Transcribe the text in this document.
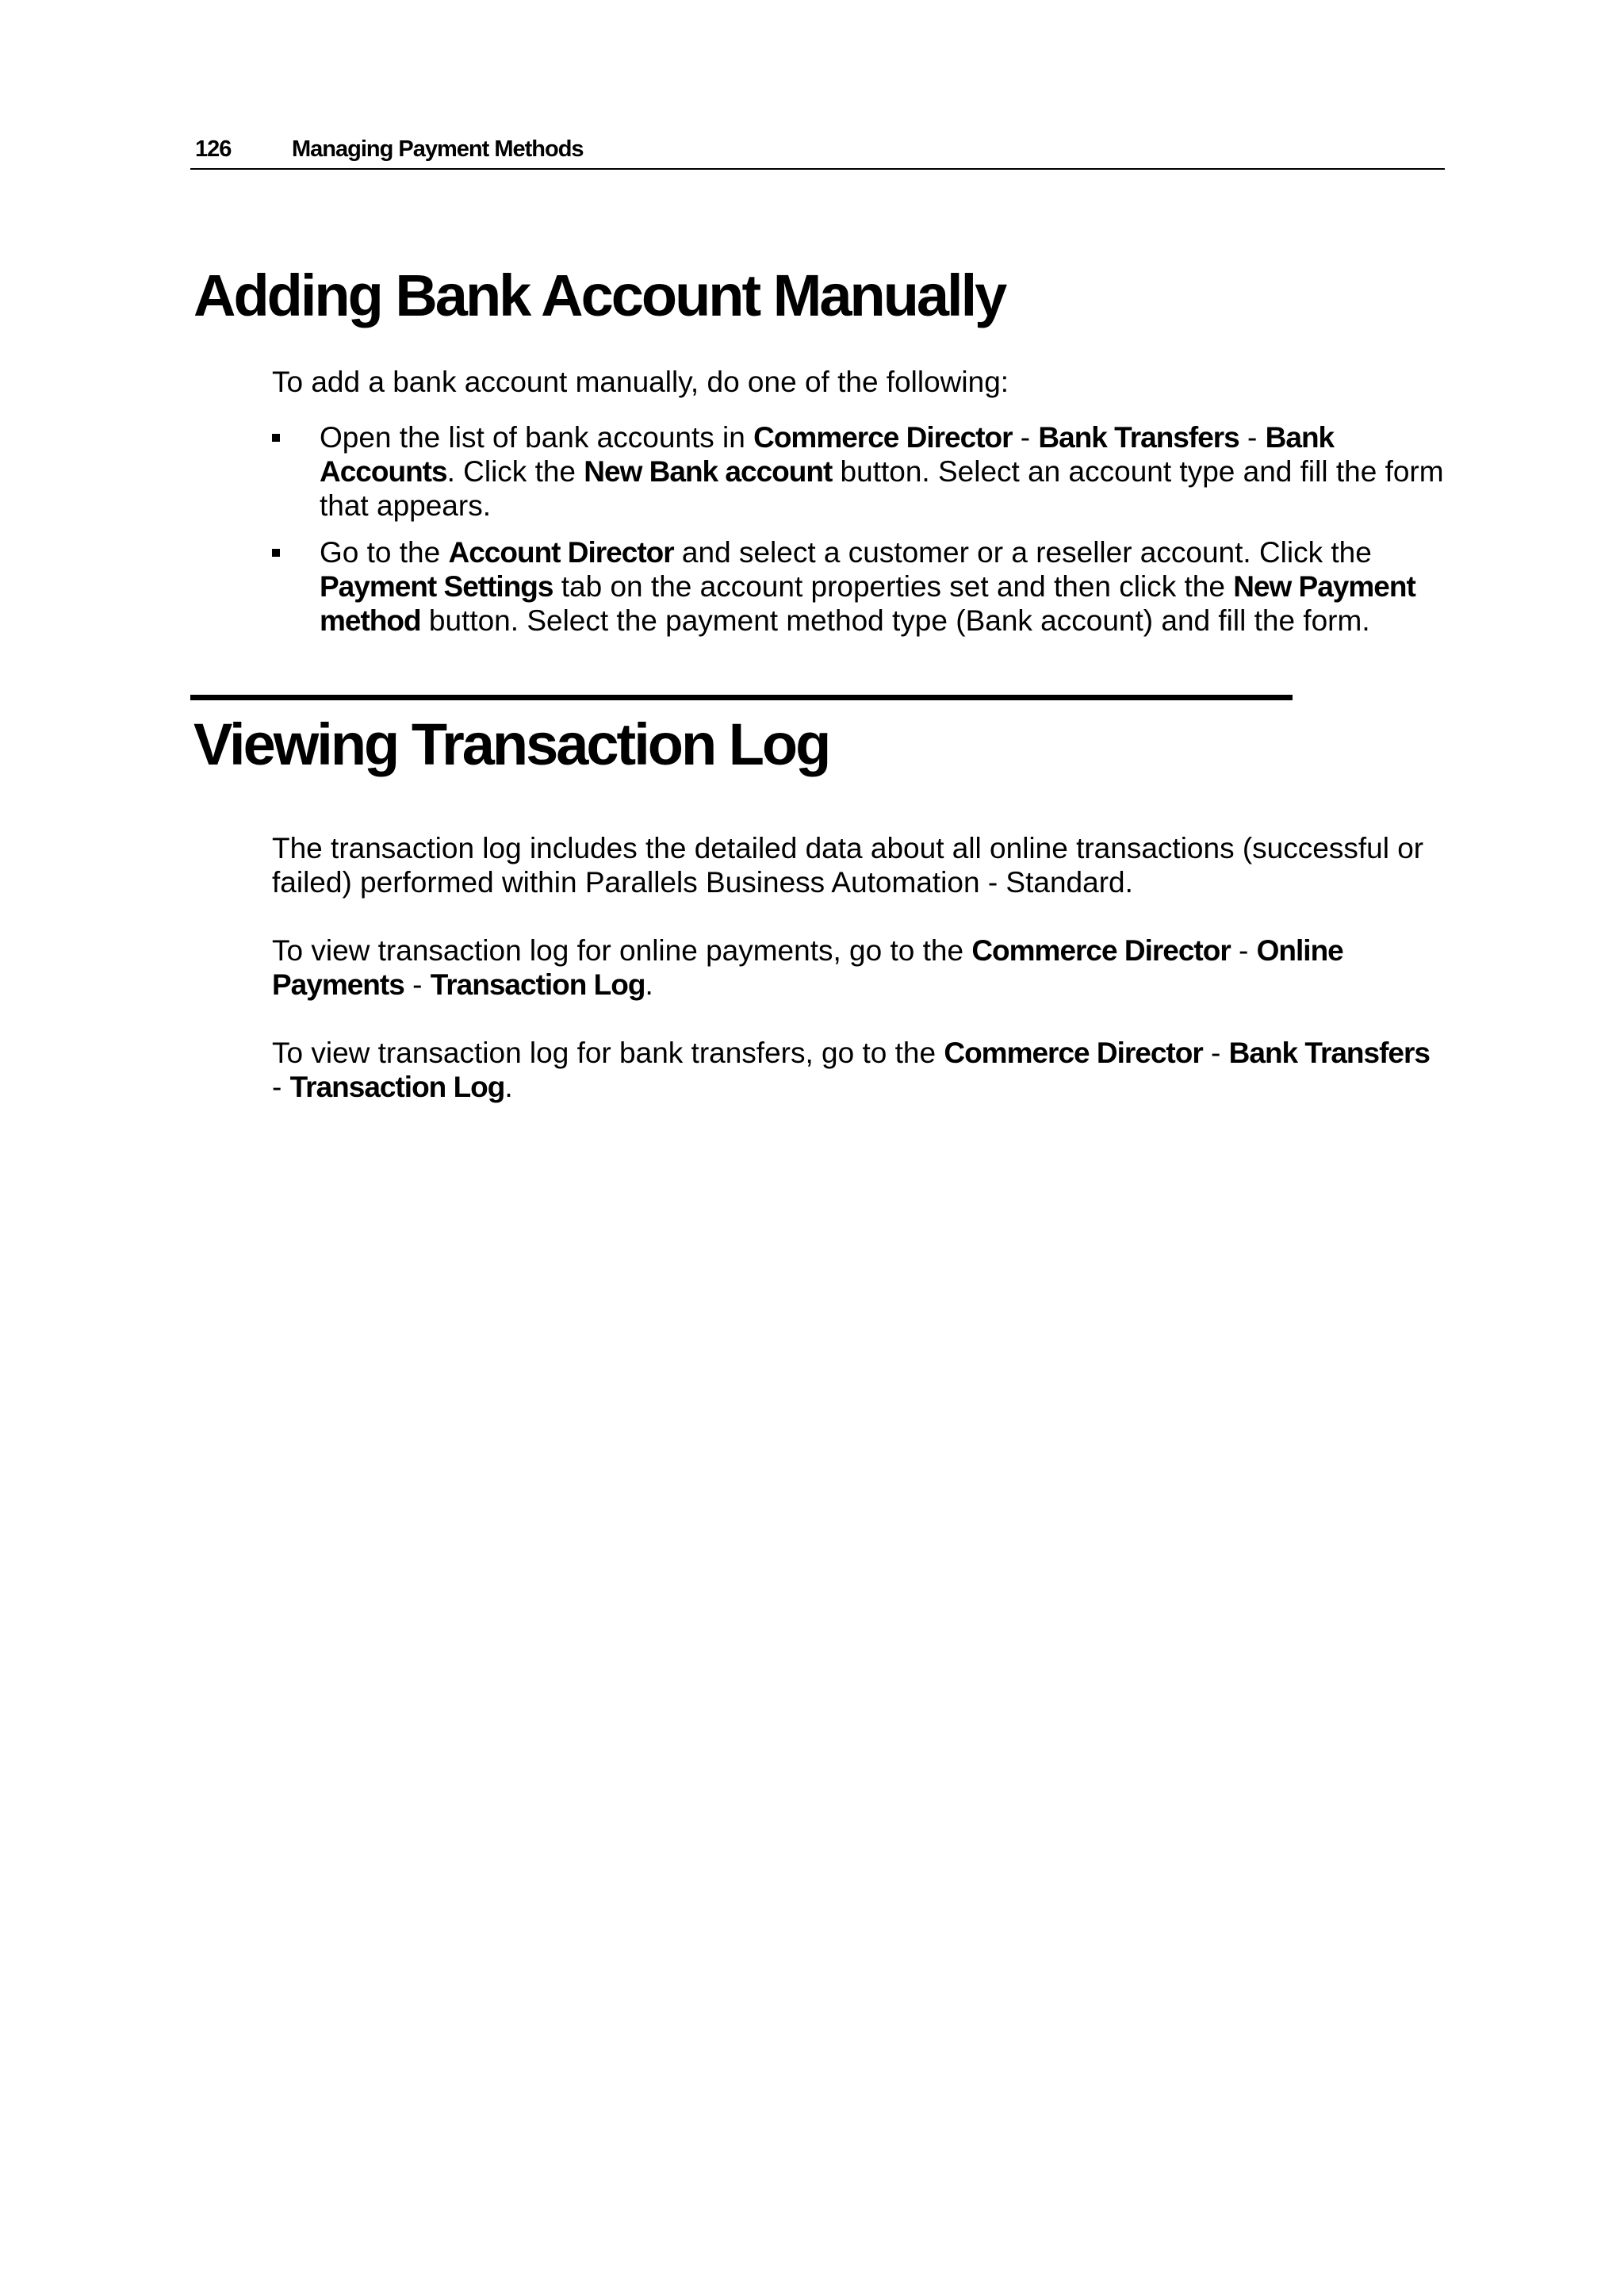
126	Managing Payment Methods
Adding Bank Account Manually

To add a bank account manually, do one of the following:

Open the list of bank accounts in Commerce Director - Bank Transfers - Bank Accounts. Click the New Bank account button. Select an account type and fill the form that appears.
Go to the Account Director and select a customer or a reseller account. Click the Payment Settings tab on the account properties set and then click the New Payment method button. Select the payment method type (Bank account) and fill the form.
Viewing Transaction Log

The transaction log includes the detailed data about all online transactions (successful or failed) performed within Parallels Business Automation - Standard.

To view transaction log for online payments, go to the Commerce Director - Online Payments - Transaction Log.

To view transaction log for bank transfers, go to the Commerce Director - Bank Transfers - Transaction Log.
